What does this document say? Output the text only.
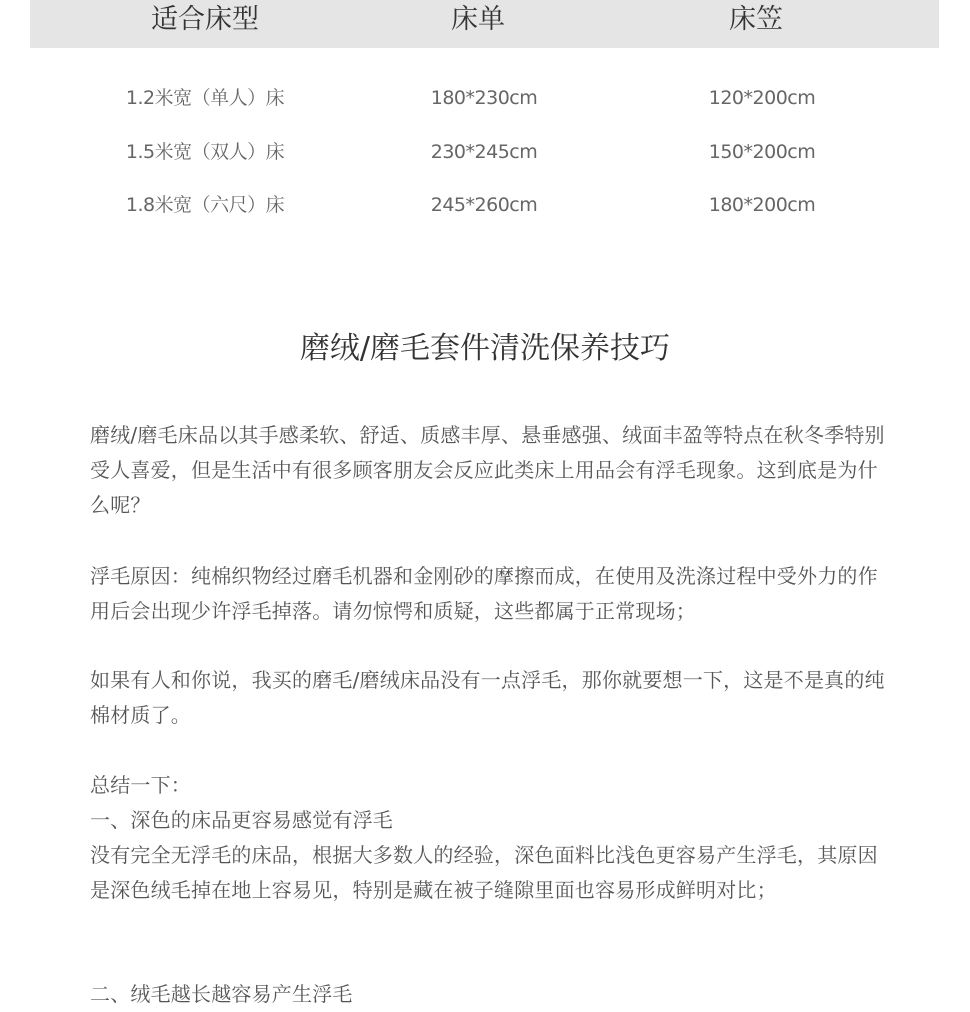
适合床型	床单	床笠
1.2米宽（单人）床	180*230cm	120*200cm
1.5米宽（双人）床	230*245cm	150*200cm
1.8米宽（六尺）床	245*260cm	180*200cm
磨绒/磨毛套件清洗保养技巧

磨绒/磨毛床品以其手感柔软、舒适、质感丰厚、悬垂感强、绒面丰盈等特点在秋冬季特别受人喜爱，但是生活中有很多顾客朋友会反应此类床上用品会有浮毛现象。这到底是为什么呢？

浮毛原因：纯棉织物经过磨毛机器和金刚砂的摩擦而成，在使用及洗涤过程中受外力的作用后会出现少许浮毛掉落。请勿惊愕和质疑，这些都属于正常现场；

如果有人和你说，我买的磨毛/磨绒床品没有一点浮毛，那你就要想一下，这是不是真的纯棉材质了。

总结一下：

一、深色的床品更容易感觉有浮毛

没有完全无浮毛的床品，根据大多数人的经验，深色面料比浅色更容易产生浮毛，其原因是深色绒毛掉在地上容易见，特别是藏在被子缝隙里面也容易形成鲜明对比；

二、绒毛越长越容易产生浮毛
